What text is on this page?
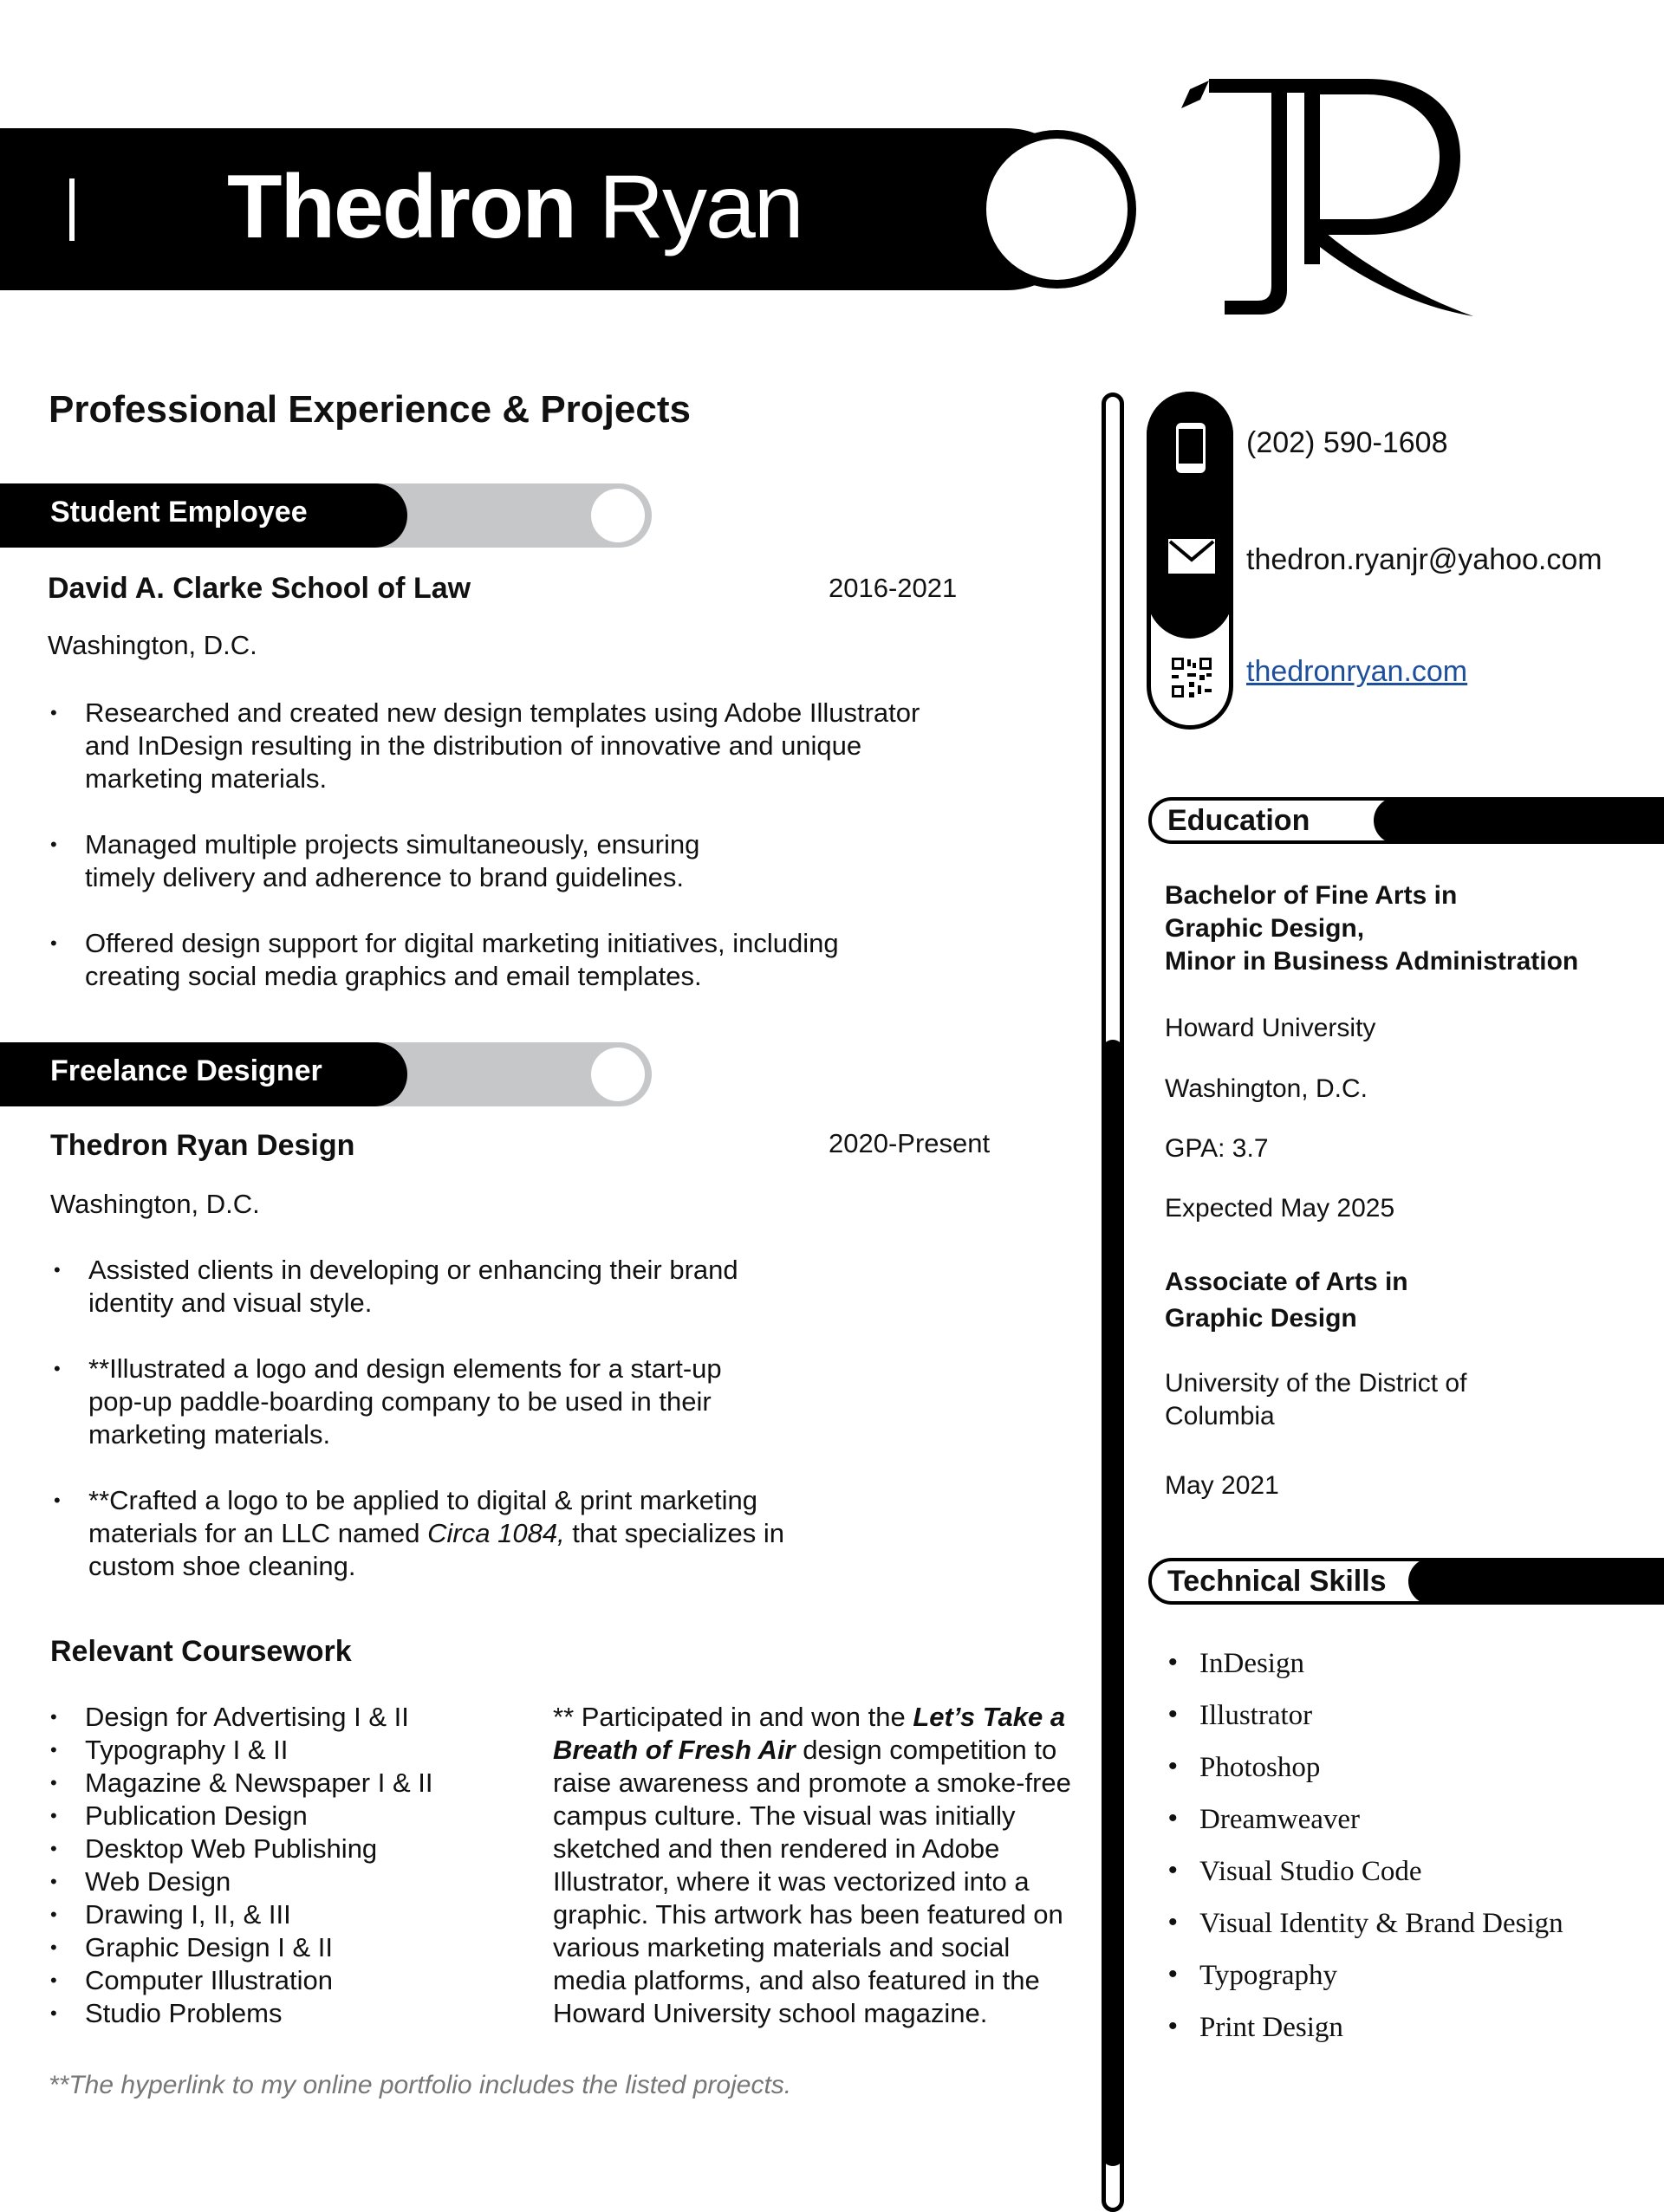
Thedron Ryan
Professional Experience & Projects
Student Employee
David A. Clarke School of Law	2016-2021
Washington, D.C.
• Researched and created new design templates using Adobe Illustrator and InDesign resulting in the distribution of innovative and unique marketing materials.
• Managed multiple projects simultaneously, ensuring timely delivery and adherence to brand guidelines.
• Offered design support for digital marketing initiatives, including creating social media graphics and email templates.
Freelance Designer
Thedron Ryan Design	2020-Present
Washington, D.C.
• Assisted clients in developing or enhancing their brand identity and visual style.
• **Illustrated a logo and design elements for a start-up pop-up paddle-boarding company to be used in their marketing materials.
• **Crafted a logo to be applied to digital & print marketing materials for an LLC named Circa 1084, that specializes in custom shoe cleaning.
Relevant Coursework
• Design for Advertising I & II
• Typography I & II
• Magazine & Newspaper I & II
• Publication Design
• Desktop Web Publishing
• Web Design
• Drawing I, II, & III
• Graphic Design I & II
• Computer Illustration
• Studio Problems
** Participated in and won the Let’s Take a Breath of Fresh Air design competition to raise awareness and promote a smoke-free campus culture. The visual was initially sketched and then rendered in Adobe Illustrator, where it was vectorized into a graphic. This artwork has been featured on various marketing materials and social media platforms, and also featured in the Howard University school magazine.
**The hyperlink to my online portfolio includes the listed projects.
(202) 590-1608
thedron.ryanjr@yahoo.com
thedronryan.com
Education
Bachelor of Fine Arts in
Graphic Design,
Minor in Business Administration
Howard University
Washington, D.C.
GPA: 3.7
Expected May 2025
Associate of Arts in
Graphic Design
University of the District of
Columbia
May 2021
Technical Skills
• InDesign
• Illustrator
• Photoshop
• Dreamweaver
• Visual Studio Code
• Visual Identity & Brand Design
• Typography
• Print Design
